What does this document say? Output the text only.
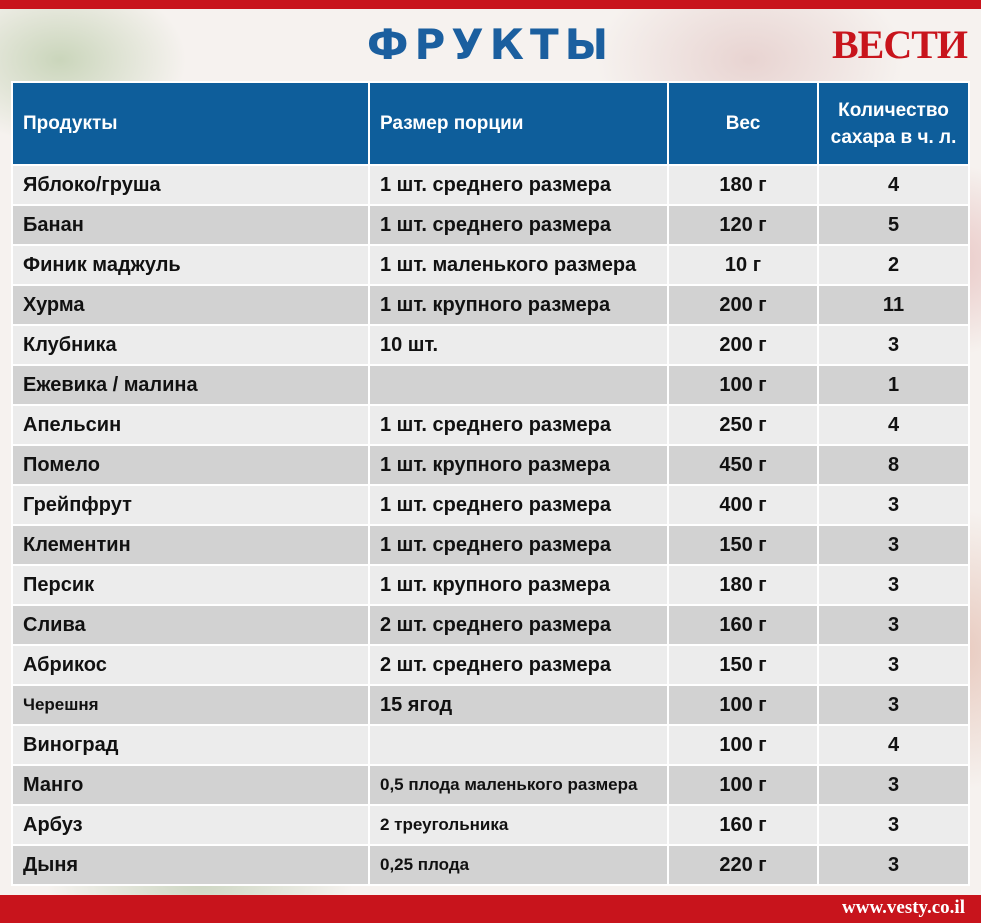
ФРУКТЫ	ВЕСТИ
Продукты	Размер порции	Вес	Количество
сахара в ч. л.
Яблоко/груша	1 шт. среднего размера	180 г	4
Банан	1 шт. среднего размера	120 г	5
Финик маджуль	1 шт. маленького размера	10 г	2
Хурма	1 шт. крупного размера	200 г	11
Клубника	10 шт.	200 г	3
Ежевика / малина		100 г	1
Апельсин	1 шт. среднего размера	250 г	4
Помело	1 шт. крупного размера	450 г	8
Грейпфрут	1 шт. среднего размера	400 г	3
Клементин	1 шт. среднего размера	150 г	3
Персик	1 шт. крупного размера	180 г	3
Слива	2 шт. среднего размера	160 г	3
Абрикос	2 шт. среднего размера	150 г	3
Черешня	15 ягод	100 г	3
Виноград		100 г	4
Манго	0,5 плода маленького размера	100 г	3
Арбуз	2 треугольника	160 г	3
Дыня	0,25 плода	220 г	3
www.vesty.co.il
